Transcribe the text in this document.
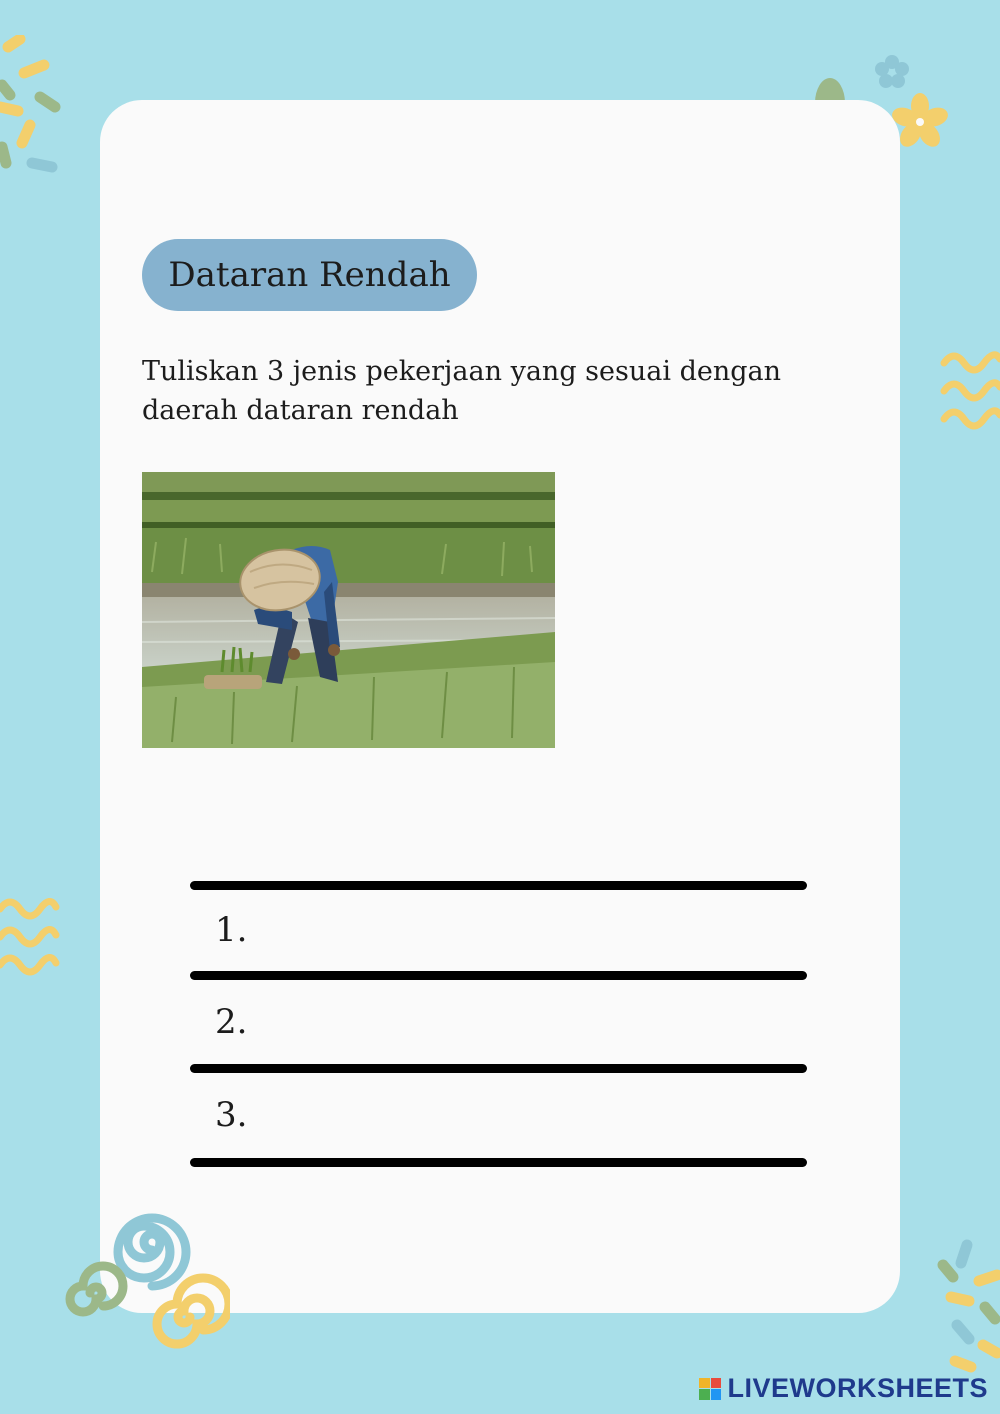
Dataran Rendah
Tuliskan 3 jenis pekerjaan yang sesuai dengan daerah dataran rendah
1.
2.
3.
LIVEWORKSHEETS
